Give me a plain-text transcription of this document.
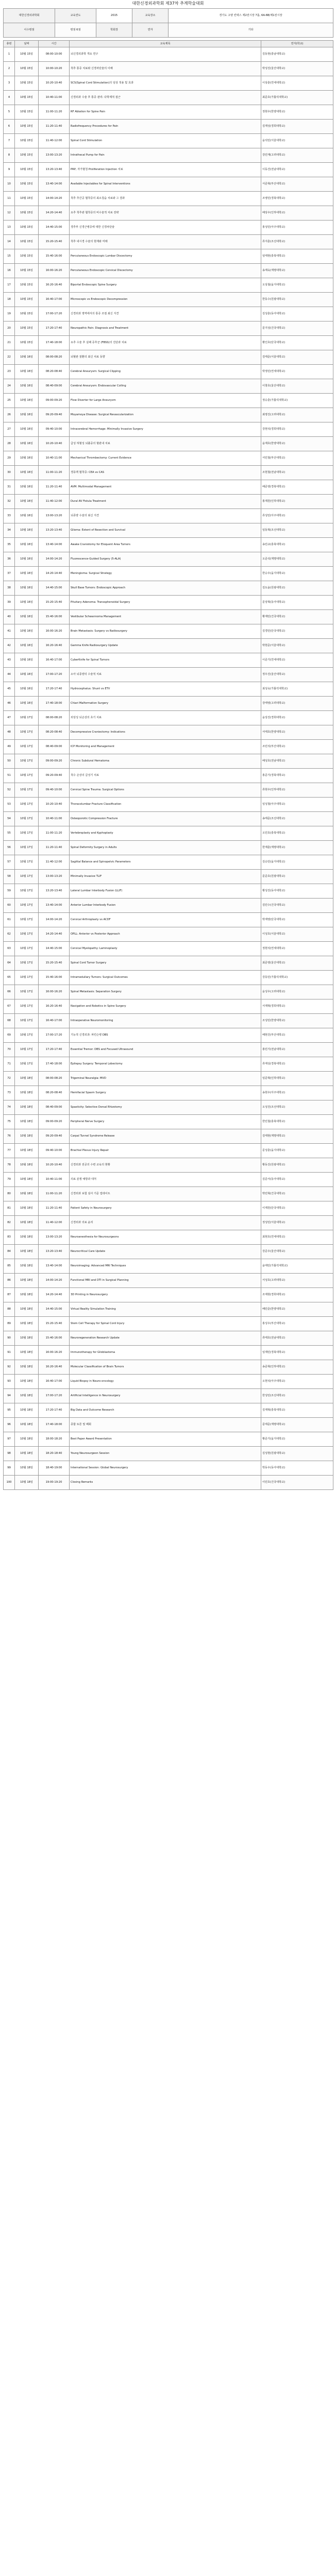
대한신경외과학회 제37차 추계학술대회
대한신경외과학회	교육연도	2015	교육장소	경기도 고양 킨텍스 제2전시장 7홀, 6A-6B/제1전시장
이수평점	평점 6점	학회장	연자	기타
총번	날짜	시간	교육제목	연자(학교)
1	10월 15일	08:00-10:00	뇌신경외과학 개요 연구	김동현(충남대학교)
2	10월 15일	10:00-10:20	척추 통증 치료와 신경차단술의 이해	박성진(울산대학교)
3	10월 15일	10:20-10:40	SCS(Spinal Cord Stimulation)의 임상 적용 및 효과	이상훈(연세대학교)
4	10월 15일	10:40-11:00	신경외과 수술 후 통증 관리: 다학제적 접근	최준호(가톨릭대학교)
5	10월 15일	11:00-11:20	RF Ablation for Spine Pain	정현우(한양대학교)
6	10월 15일	11:20-11:40	Radiofrequency Procedures for Pain	김재성(경희대학교)
7	10월 15일	11:40-12:00	Spinal Cord Stimulation	윤석민(서울대학교)
8	10월 15일	13:00-13:20	Intrathecal Pump for Pain	강민재(고려대학교)
9	10월 15일	13:20-13:40	PRP, 자가혈청 Proliferation Injection 치료	이동건(전남대학교)
10	10월 15일	13:40-14:00	Available Injectables for Spinal Interventions	서준혁(부산대학교)
11	10월 15일	14:00-14:20	척추 추간공 협착증의 최소침습 치료와 그 결과	조영민(경북대학교)
12	10월 15일	14:20-14:40	요추 척추관 협착증의 비수술적 치료 전략	배상우(인하대학교)
13	10월 15일	14:40-15:00	경추부 신경근병증에 대한 신경차단술	홍성민(아주대학교)
14	10월 15일	15:20-15:40	척추 내시경 수술의 현재와 미래	류지훈(조선대학교)
15	10월 15일	15:40-16:00	Percutaneous Endoscopic Lumbar Discectomy	임태현(충북대학교)
16	10월 15일	16:00-16:20	Percutaneous Endoscopic Cervical Discectomy	송재욱(계명대학교)
17	10월 15일	16:20-16:40	Biportal Endoscopic Spine Surgery	오상철(을지대학교)
18	10월 15일	16:40-17:00	Microscopic vs Endoscopic Decompression	한동수(원광대학교)
19	10월 15일	17:00-17:20	신경외과 영역에서의 통증 조절 최신 지견	김성훈(동아대학교)
20	10월 15일	17:20-17:40	Neuropathic Pain: Diagnosis and Treatment	문지성(건국대학교)
21	10월 15일	17:40-18:00	요추 수술 후 실패 증후군 (FBSS)의 진단과 치료	황인호(단국대학교)
22	10월 16일	08:00-08:20	뇌혈관 질환의 최신 치료 동향	김태준(서울대학교)
23	10월 16일	08:20-08:40	Cerebral Aneurysm: Surgical Clipping	박정민(연세대학교)
24	10월 16일	08:40-09:00	Cerebral Aneurysm: Endovascular Coiling	이창호(울산대학교)
25	10월 16일	09:00-09:20	Flow Diverter for Large Aneurysm	정승훈(가톨릭대학교)
26	10월 16일	09:20-09:40	Moyamoya Disease: Surgical Revascularization	최영진(고려대학교)
27	10월 16일	09:40-10:00	Intracerebral Hemorrhage: Minimally Invasive Surgery	강현석(경희대학교)
28	10월 16일	10:20-10:40	급성 허혈성 뇌졸중의 혈관내 치료	윤재호(한양대학교)
29	10월 16일	10:40-11:00	Mechanical Thrombectomy: Current Evidence	서민철(부산대학교)
30	10월 16일	11:00-11:20	경동맥 협착증: CEA vs CAS	조현철(전남대학교)
31	10월 16일	11:20-11:40	AVM: Multimodal Management	배준영(경북대학교)
32	10월 16일	11:40-12:00	Dural AV Fistula Treatment	홍재원(인하대학교)
33	10월 16일	13:00-13:20	뇌종양 수술의 최신 지견	류성민(아주대학교)
34	10월 16일	13:20-13:40	Glioma: Extent of Resection and Survival	임동혁(조선대학교)
35	10월 16일	13:40-14:00	Awake Craniotomy for Eloquent Area Tumors	송민규(충북대학교)
36	10월 16일	14:00-14:20	Fluorescence-Guided Surgery (5-ALA)	오준석(계명대학교)
37	10월 16일	14:20-14:40	Meningioma: Surgical Strategy	한승우(을지대학교)
38	10월 16일	14:40-15:00	Skull Base Tumors: Endoscopic Approach	김도윤(원광대학교)
39	10월 16일	15:20-15:40	Pituitary Adenoma: Transsphenoidal Surgery	문상혁(동아대학교)
40	10월 16일	15:40-16:00	Vestibular Schwannoma Management	황재민(건국대학교)
41	10월 16일	16:00-16:20	Brain Metastasis: Surgery vs Radiosurgery	김경민(단국대학교)
42	10월 16일	16:20-16:40	Gamma Knife Radiosurgery Update	박현준(서울대학교)
43	10월 16일	16:40-17:00	CyberKnife for Spinal Tumors	이준기(연세대학교)
44	10월 16일	17:00-17:20	소아 뇌종양의 수술적 치료	정우진(울산대학교)
45	10월 16일	17:20-17:40	Hydrocephalus: Shunt vs ETV	최성욱(가톨릭대학교)
46	10월 16일	17:40-18:00	Chiari Malformation Surgery	강태영(고려대학교)
47	10월 17일	08:00-08:20	외상성 뇌손상의 초기 치료	윤상진(경희대학교)
48	10월 17일	08:20-08:40	Decompressive Craniectomy: Indications	서태호(한양대학교)
49	10월 17일	08:40-09:00	ICP Monitoring and Management	조민석(부산대학교)
50	10월 17일	09:00-09:20	Chronic Subdural Hematoma	배성호(전남대학교)
51	10월 17일	09:20-09:40	척수 손상의 급성기 치료	홍준기(경북대학교)
52	10월 17일	09:40-10:00	Cervical Spine Trauma: Surgical Options	류현우(인하대학교)
53	10월 17일	10:20-10:40	Thoracolumbar Fracture Classification	임성철(아주대학교)
54	10월 17일	10:40-11:00	Osteoporotic Compression Fracture	송태준(조선대학교)
55	10월 17일	11:00-11:20	Vertebroplasty and Kyphoplasty	오민호(충북대학교)
56	10월 17일	11:20-11:40	Spinal Deformity Surgery in Adults	한재훈(계명대학교)
57	10월 17일	11:40-12:00	Sagittal Balance and Spinopelvic Parameters	김승민(을지대학교)
58	10월 17일	13:00-13:20	Minimally Invasive TLIF	문준호(원광대학교)
59	10월 17일	13:20-13:40	Lateral Lumbar Interbody Fusion (LLIF)	황성진(동아대학교)
60	10월 17일	13:40-14:00	Anterior Lumbar Interbody Fusion	김민수(건국대학교)
61	10월 17일	14:00-14:20	Cervical Arthroplasty vs ACDF	박재영(단국대학교)
62	10월 17일	14:20-14:40	OPLL: Anterior vs Posterior Approach	이성호(서울대학교)
63	10월 17일	14:40-15:00	Cervical Myelopathy: Laminoplasty	정현석(연세대학교)
64	10월 17일	15:20-15:40	Spinal Cord Tumor Surgery	최준영(울산대학교)
65	10월 17일	15:40-16:00	Intramedullary Tumors: Surgical Outcomes	강동민(가톨릭대학교)
66	10월 17일	16:00-16:20	Spinal Metastasis: Separation Surgery	윤성우(고려대학교)
67	10월 17일	16:20-16:40	Navigation and Robotics in Spine Surgery	서재혁(경희대학교)
68	10월 17일	16:40-17:00	Intraoperative Neuromonitoring	조성민(한양대학교)
69	10월 17일	17:00-17:20	기능적 신경외과: 파킨슨병 DBS	배현진(부산대학교)
70	10월 17일	17:20-17:40	Essential Tremor: DBS and Focused Ultrasound	홍민기(전남대학교)
71	10월 17일	17:40-18:00	Epilepsy Surgery: Temporal Lobectomy	류재성(경북대학교)
72	10월 18일	08:00-08:20	Trigeminal Neuralgia: MVD	임준혁(인하대학교)
73	10월 18일	08:20-08:40	Hemifacial Spasm Surgery	송현우(아주대학교)
74	10월 18일	08:40-09:00	Spasticity: Selective Dorsal Rhizotomy	오성진(조선대학교)
75	10월 18일	09:00-09:20	Peripheral Nerve Surgery	한민철(충북대학교)
76	10월 18일	09:20-09:40	Carpal Tunnel Syndrome Release	김태현(계명대학교)
77	10월 18일	09:40-10:00	Brachial Plexus Injury Repair	문성훈(을지대학교)
78	10월 18일	10:20-10:40	신경외과 전공의 수련 교육의 현황	황동진(원광대학교)
79	10월 18일	10:40-11:00	의료 분쟁 예방과 대처	김준서(동아대학교)
80	10월 18일	11:00-11:20	신경외과 보험 심사 기준 업데이트	박민혁(건국대학교)
81	10월 18일	11:20-11:40	Patient Safety in Neurosurgery	이재원(단국대학교)
82	10월 18일	11:40-12:00	신경외과 의료 윤리	정성민(서울대학교)
83	10월 18일	13:00-13:20	Neuroanesthesia for Neurosurgeons	최현호(연세대학교)
84	10월 18일	13:20-13:40	Neurocritical Care Update	강준우(울산대학교)
85	10월 18일	13:40-14:00	Neuroimaging: Advanced MRI Techniques	윤태민(가톨릭대학교)
86	10월 18일	14:00-14:20	Functional MRI and DTI in Surgical Planning	서성호(고려대학교)
87	10월 18일	14:20-14:40	3D Printing in Neurosurgery	조재현(경희대학교)
88	10월 18일	14:40-15:00	Virtual Reality Simulation Training	배민준(한양대학교)
89	10월 18일	15:20-15:40	Stem Cell Therapy for Spinal Cord Injury	홍성우(부산대학교)
90	10월 18일	15:40-16:00	Neuroregeneration Research Update	류태호(전남대학교)
91	10월 18일	16:00-16:20	Immunotherapy for Glioblastoma	임재민(경북대학교)
92	10월 18일	16:20-16:40	Molecular Classification of Brain Tumors	송준혁(인하대학교)
93	10월 18일	16:40-17:00	Liquid Biopsy in Neuro-oncology	오현석(아주대학교)
94	10월 18일	17:00-17:20	Artificial Intelligence in Neurosurgery	한성민(조선대학교)
95	10월 18일	17:20-17:40	Big Data and Outcome Research	김재혁(충북대학교)
96	10월 18일	17:40-18:00	종합 토론 및 폐회	문태준(계명대학교)
97	10월 18일	18:00-18:20	Best Paper Award Presentation	황준기(을지대학교)
98	10월 18일	18:20-18:40	Young Neurosurgeon Session	김성현(원광대학교)
99	10월 18일	18:40-19:00	International Session: Global Neurosurgery	박동우(동아대학교)
100	10월 18일	19:00-19:20	Closing Remarks	이민호(건국대학교)
